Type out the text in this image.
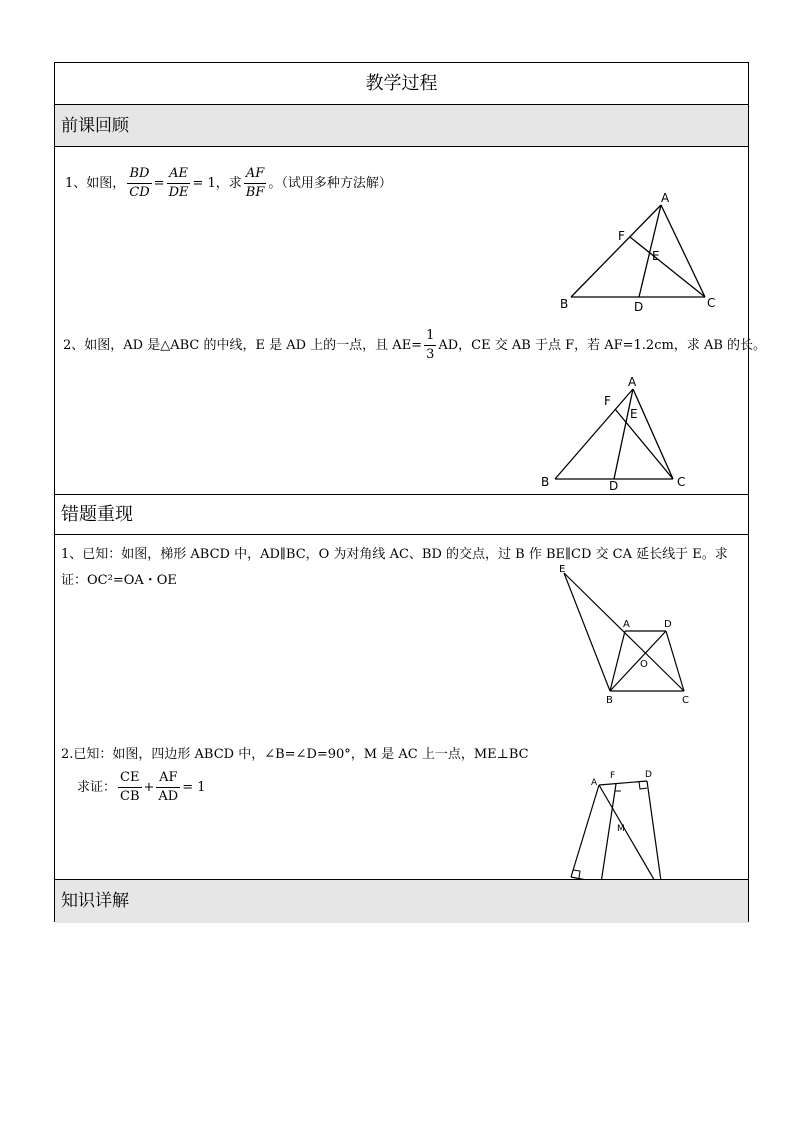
教学过程
前课回顾
1、如图， $\frac{BD}{CD} = \frac{AE}{DE} = 1$，求 $\frac{AF}{BF}$ 。（试用多种方法解）
A
B	C
D
E
F
2、如图，AD 是△ABC 的中线，E 是 AD 上的一点，且 $AE= \frac{1}{3}$ AD，CE 交 AB 于点 F，若 AF=1.2cm，求 AB 的长。
A
B	C
D
E
F
错题重现
1、已知：如图，梯形 ABCD 中，AD∥BC，O 为对角线 AC、BD 的交点，过 B 作 BE∥CD 交 CA 延长线于 E。求
证：OC²=OA・OE
E
A	D
O
B	C
2.已知：如图，四边形 ABCD 中，∠B=∠D=90°，M 是 AC 上一点，ME⊥BC
求证： $\frac{CE}{CB} + \frac{AF}{AD} = 1$	A
F	D
M
知识详解
